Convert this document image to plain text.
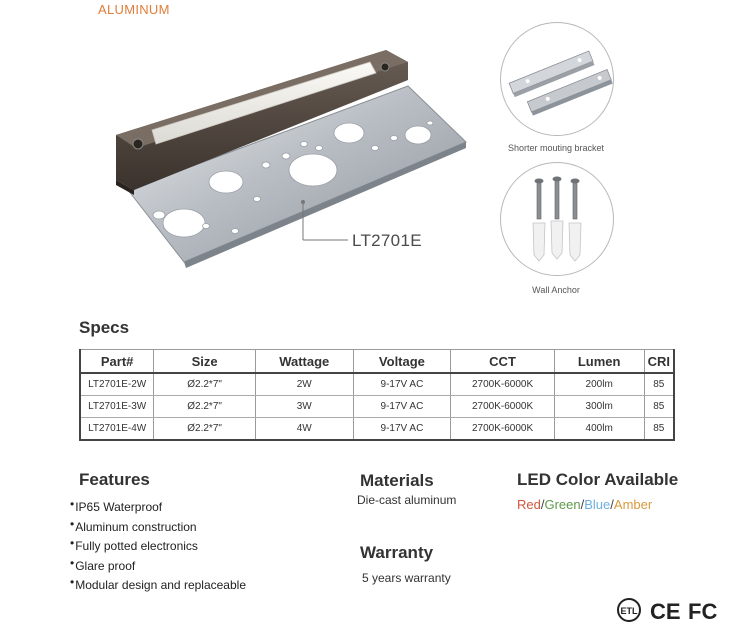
ALUMINUM
LT2701E
Shorter mouting bracket
Wall Anchor
Specs
Part#	Size	Wattage	Voltage	CCT	Lumen	CRI
LT2701E-2W	Ø2.2*7"	2W	9-17V AC	2700K-6000K	200lm	85
LT2701E-3W	Ø2.2*7"	3W	9-17V AC	2700K-6000K	300lm	85
LT2701E-4W	Ø2.2*7"	4W	9-17V AC	2700K-6000K	400lm	85
Features
•IP65 Waterproof
•Aluminum construction
•Fully potted electronics
•Glare proof
•Modular design and replaceable
Materials
Die-cast aluminum
Warranty
5 years warranty
LED Color Available
Red/Green/Blue/Amber
ETL CE FC
